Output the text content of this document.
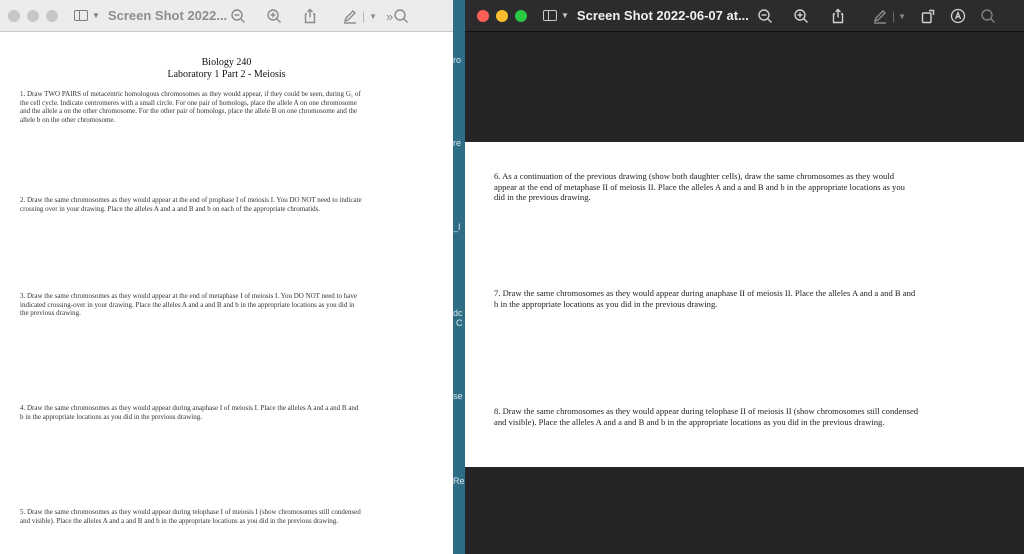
▼ Screen Shot 2022...	| ▼ »
Biology 240
Laboratory 1 Part 2 - Meiosis
1. Draw TWO PAIRS of metacentric homologous chromosomes as they would appear, if they could be seen, during G₁ of
the cell cycle. Indicate centromeres with a small circle. For one pair of homologs, place the allele A on one chromosome
and the allele a on the other chromosome. For the other pair of homologs, place the allele B on one chromosome and the
allele b on the other chromosome.
2. Draw the same chromosomes as they would appear at the end of prophase I of meiosis I. You DO NOT need to indicate
crossing over in your drawing. Place the alleles A and a and B and b on each of the appropriate chromatids.
3. Draw the same chromosomes as they would appear at the end of metaphase I of meiosis I. You DO NOT need to have
indicated crossing-over in your drawing. Place the alleles A and a and B and b in the appropriate locations as you did in
the previous drawing.
4. Draw the same chromosomes as they would appear during anaphase I of meiosis I. Place the alleles A and a and B and
b in the appropriate locations as you did in the previous drawing.
5. Draw the same chromosomes as they would appear during telophase I of meiosis I (show chromosomes still condensed
and visible). Place the alleles A and a and B and b in the appropriate locations as you did in the previous drawing.
ro
re
_I
dc
C
se
Re
▼ Screen Shot 2022-06-07 at...	| ▼
6. As a continuation of the previous drawing (show both daughter cells), draw the same chromosomes as they would
appear at the end of metaphase II of meiosis II. Place the alleles A and a and B and b in the appropriate locations as you
did in the previous drawing.
7. Draw the same chromosomes as they would appear during anaphase II of meiosis II. Place the alleles A and a and B and
b in the appropriate locations as you did in the previous drawing.
8. Draw the same chromosomes as they would appear during telophase II of meiosis II (show chromosomes still condensed
and visible). Place the alleles A and a and B and b in the appropriate locations as you did in the previous drawing.
